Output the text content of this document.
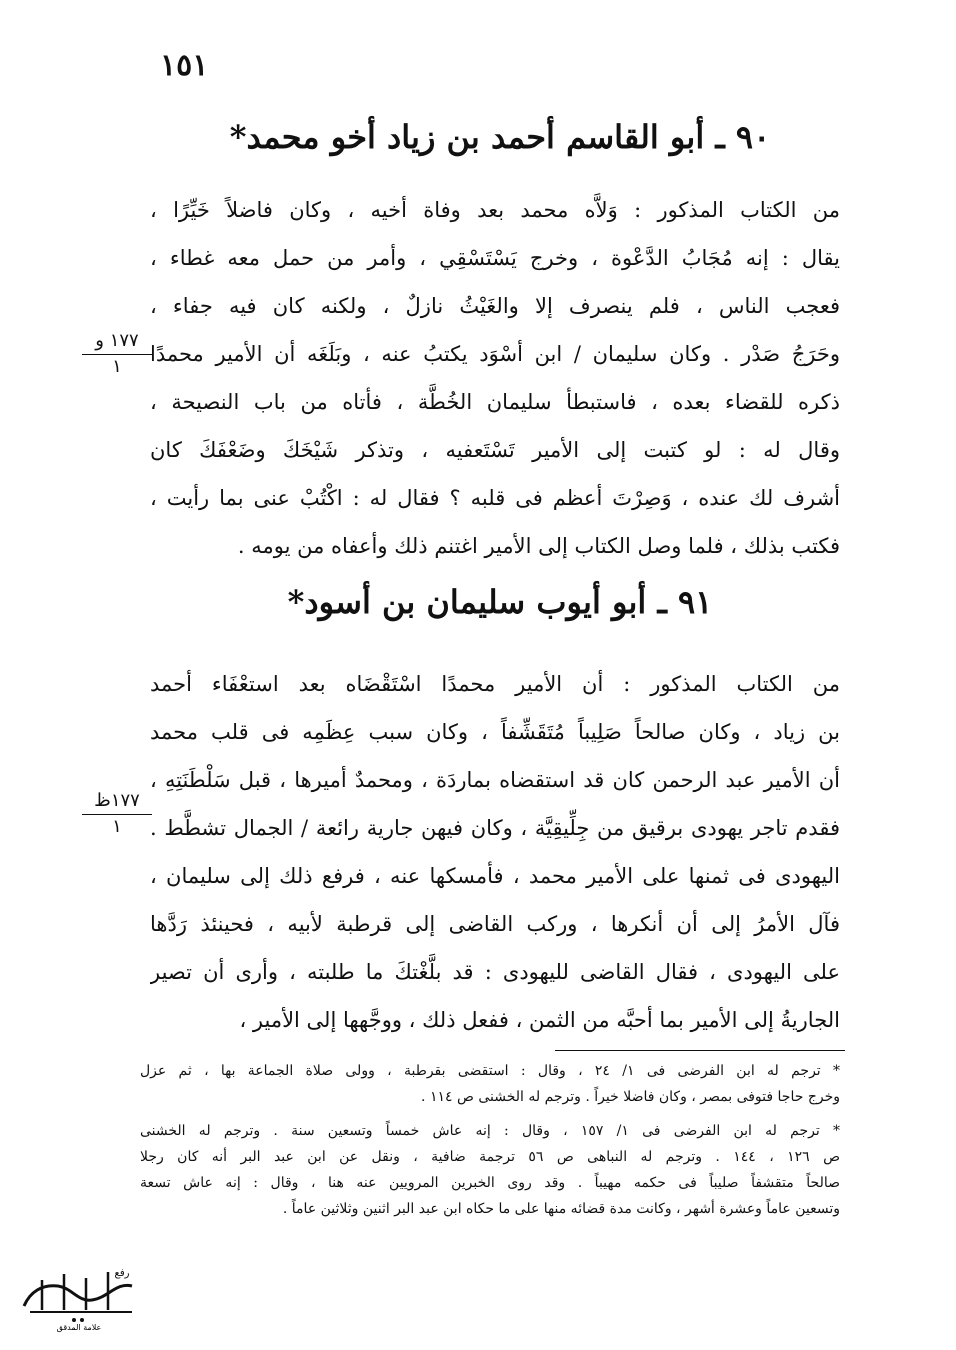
١٥١
٩٠ ـ أبو القاسم أحمد بن زياد أخو محمد*
من الكتاب المذكور : وَلاَّه محمد بعد وفاة أخيه ، وكان فاضلاً خَيِّرًا ،
يقال : إنه مُجَابُ الدَّعْوة ، وخرج يَسْتَسْقِي ، وأمر من حمل معه غطاء ،
فعجب الناس ، فلم ينصرف إلا والغَيْثُ نازلٌ ، ولكنه كان فيه جفاء ،
وحَرَجُ صَدْر . وكان سليمان / ابن أسْوَد يكتبُ عنه ، وبَلَغَه أن الأمير محمدًا
ذكره للقضاء بعده ، فاستبطأ سليمان الخُطَّة ، فأتاه من باب النصيحة ،
وقال له : لو كتبت إلى الأمير تَسْتَعفيه ، وتذكر شَيْخَكَ وضَعْفَكَ كان
أشرف لك عنده ، وَصِرْتَ أعظم فى قلبه ؟ فقال له : اكْتُبْ عنى بما رأيت ،
فكتب بذلك ، فلما وصل الكتاب إلى الأمير اغتنم ذلك وأعفاه من يومه .
١٧٧ و
١
٩١ ـ أبو أيوب سليمان بن أسود*
من الكتاب المذكور : أن الأمير محمدًا اسْتَقْضَاه بعد استعْفَاء أحمد
بن زياد ، وكان صالحاً صَلِيباً مُتَقَشِّفاً ، وكان سبب عِظَمِه فى قلب محمد
أن الأمير عبد الرحمن كان قد استقضاه بماردَة ، ومحمدٌ أميرها ، قبل سَلْطَنَتِهِ ،
فقدم تاجر يهودى برقيق من جِلِّيقِيَّة ، وكان فيهن جارية رائعة / الجمال تشطَّط .
اليهودى فى ثمنها على الأمير محمد ، فأمسكها عنه ، فرفع ذلك إلى سليمان ،
فآل الأمرُ إلى أن أنكرها ، وركب القاضى إلى قرطبة لأبيه ، فحينئذ رَدَّها
على اليهودى ، فقال القاضى لليهودى : قد بلَّغْتكَ ما طلبته ، وأرى أن تصير
الجاريةُ إلى الأمير بما أحبَّه من الثمن ، ففعل ذلك ، ووجَّهها إلى الأمير ،
١٧٧ظ
١
* ترجم له ابن الفرضى فى ١/ ٢٤ ، وقال : استقضى بقرطبة ، وولى صلاة الجماعة بها ، ثم عزل
وخرج حاجا فتوفى بمصر ، وكان فاضلا خيراً . وترجم له الخشنى ص ١١٤ .
* ترجم له ابن الفرضى فى ١/ ١٥٧ ، وقال : إنه عاش خمساً وتسعين سنة . وترجم له الخشنى
ص ١٢٦ ، ١٤٤ . وترجم له النباهى ص ٥٦ ترجمة ضافية ، ونقل عن ابن عبد البر أنه كان رجلا
صالحاً متقشفاً صليباً فى حكمه مهيباً . وقد روى الخبرين المرويين عنه هنا ، وقال : إنه عاش تسعة
وتسعين عاماً وعشرة أشهر ، وكانت مدة قضائه منها على ما حكاه ابن عبد البر اثنين وثلاثين عاماً .
رفع
المسيطر
علامة المدقق
